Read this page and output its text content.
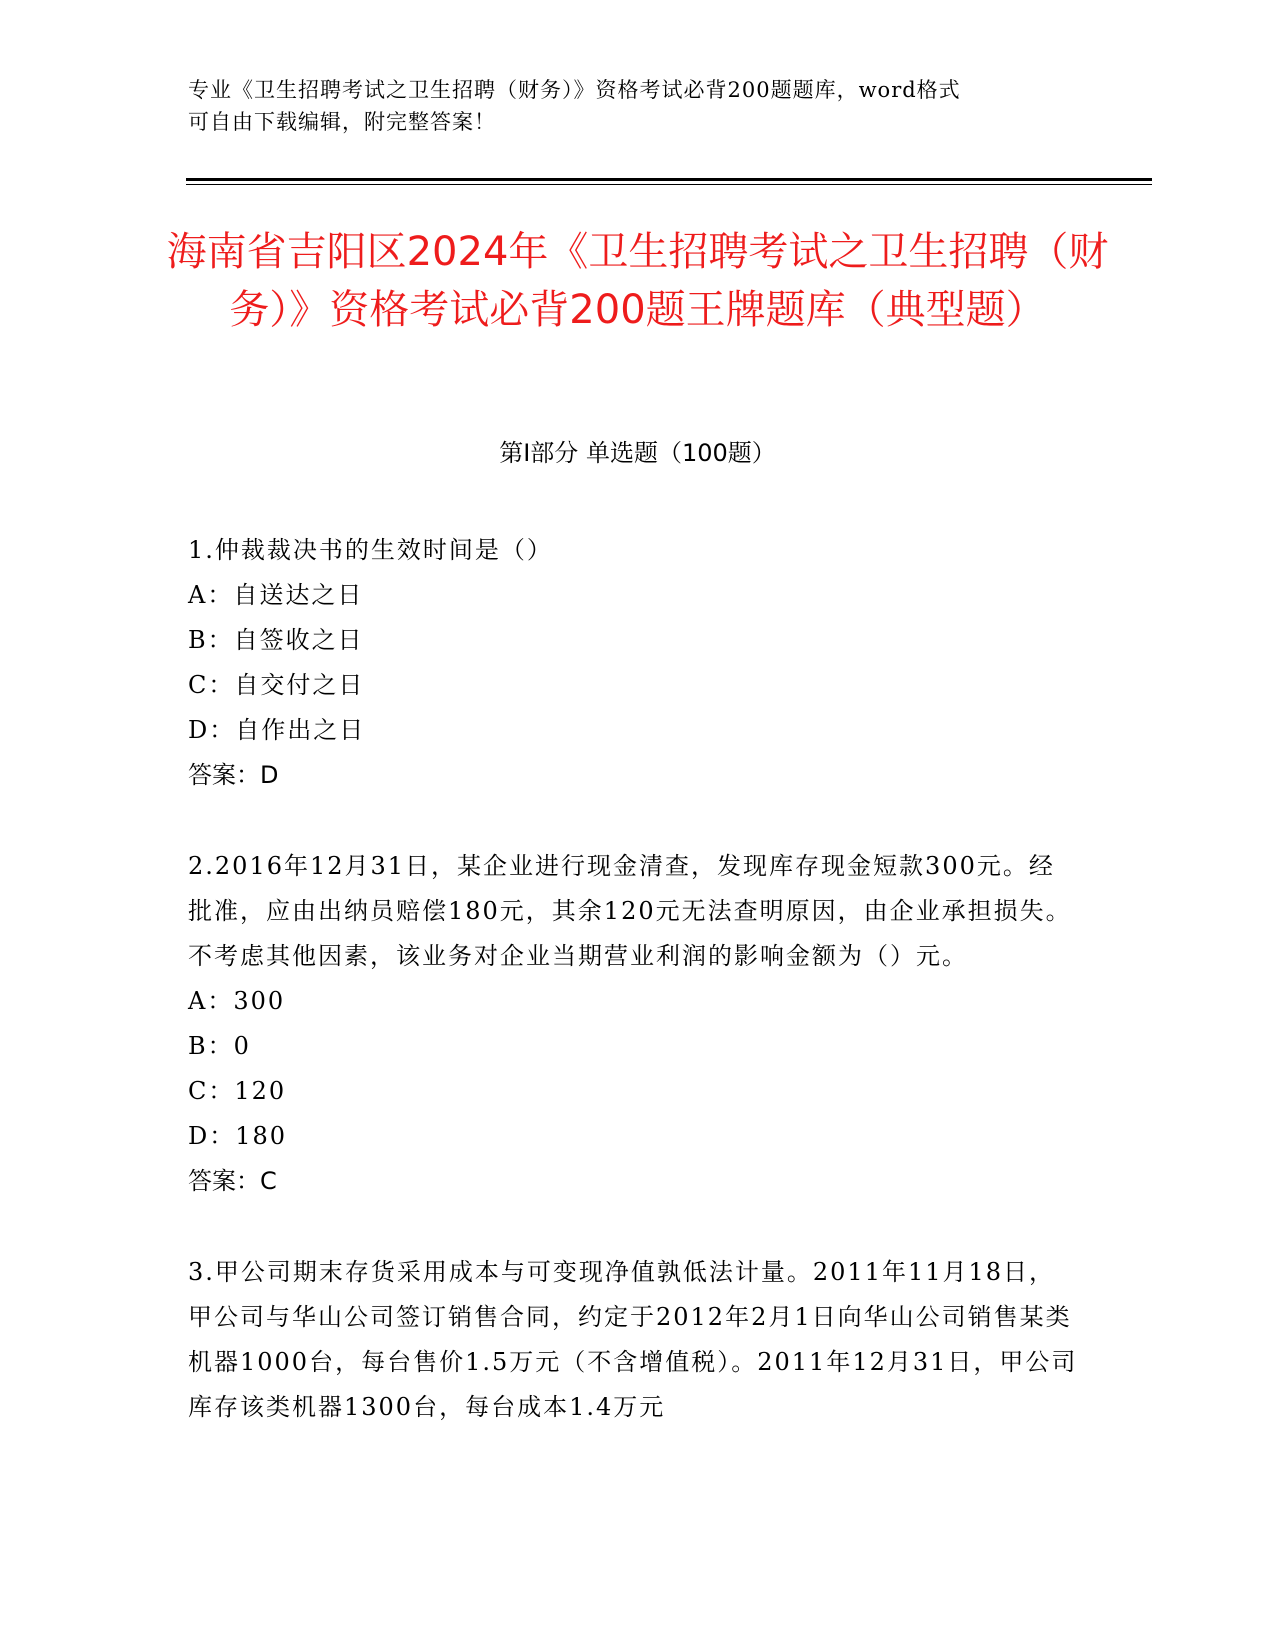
专业《卫生招聘考试之卫生招聘（财务）》资格考试必背200题题库，word格式
可自由下载编辑，附完整答案！
海南省吉阳区2024年《卫生招聘考试之卫生招聘（财务）》资格考试必背200题王牌题库（典型题）
第Ⅰ部分 单选题（100题）
1.仲裁裁决书的生效时间是（）
A：自送达之日
B：自签收之日
C：自交付之日
D：自作出之日
答案：D
2.2016年12月31日，某企业进行现金清查，发现库存现金短款300元。经批准，应由出纳员赔偿180元，其余120元无法查明原因，由企业承担损失。不考虑其他因素，该业务对企业当期营业利润的影响金额为（）元。
A：300
B：0
C：120
D：180
答案：C
3.甲公司期末存货采用成本与可变现净值孰低法计量。2011年11月18日，甲公司与华山公司签订销售合同，约定于2012年2月1日向华山公司销售某类机器1000台，每台售价1.5万元（不含增值税）。2011年12月31日，甲公司库存该类机器1300台，每台成本1.4万元
